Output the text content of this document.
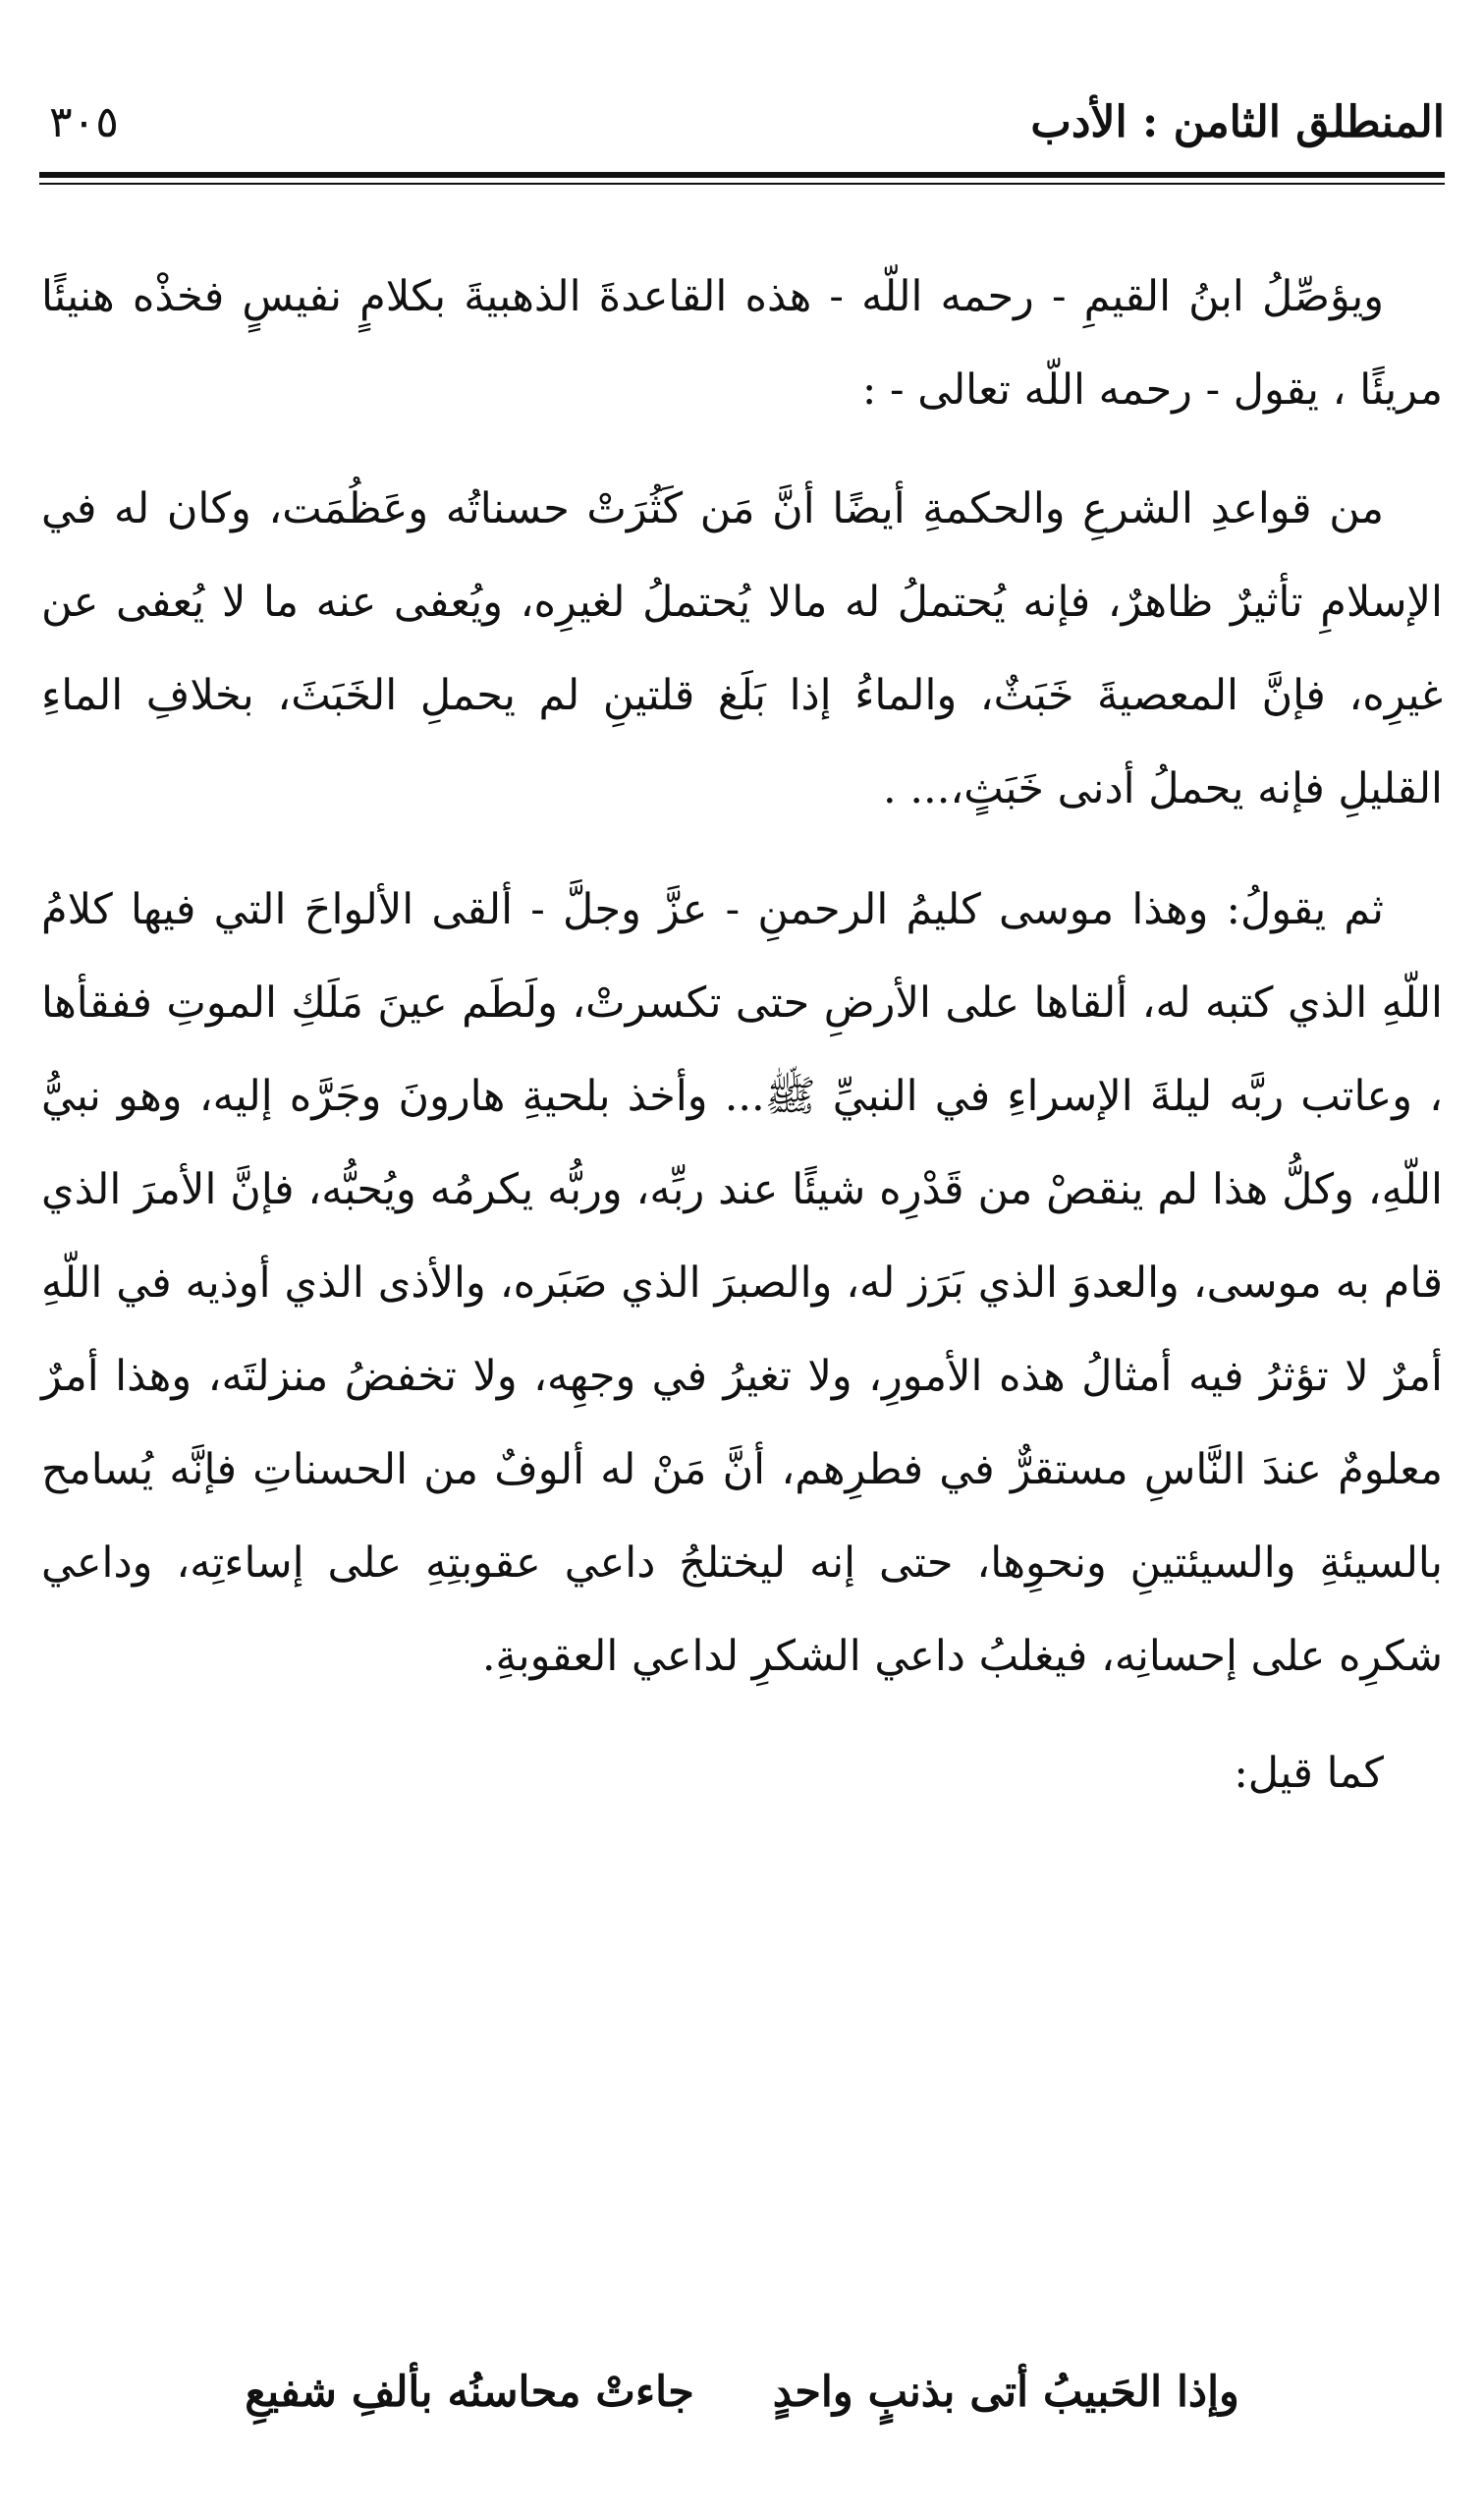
المنطلق الثامن : الأدب
٣٠٥

ويؤصِّلُ ابنُ القيمِ - رحمه اللّه - هذه القاعدةَ الذهبيةَ بكلامٍ نفيسٍ فخذْه هنيئًا مريئًا ، يقول - رحمه اللّه تعالى - :

من قواعدِ الشرعِ والحكمةِ أيضًا أنَّ مَن كَثُرَتْ حسناتُه وعَظُمَت، وكان له في الإسلامِ تأثيرٌ ظاهرٌ، فإنه يُحتملُ له مالا يُحتملُ لغيرِه، ويُعفى عنه ما لا يُعفى عن غيرِه، فإنَّ المعصيةَ خَبَثٌ، والماءُ إذا بَلَغ قلتينِ لم يحملِ الخَبَثَ، بخلافِ الماءِ القليلِ فإنه يحملُ أدنى خَبَثٍ،... .

ثم يقولُ: وهذا موسى كليمُ الرحمنِ - عزَّ وجلَّ - ألقى الألواحَ التي فيها كلامُ اللّهِ الذي كتبه له، ألقاها على الأرضِ حتى تكسرتْ، ولَطَم عينَ مَلَكِ الموتِ ففقأها ، وعاتب ربَّه ليلةَ الإسراءِ في النبيِّ ﷺ... وأخذ بلحيةِ هارونَ وجَرَّه إليه، وهو نبيُّ اللّهِ، وكلُّ هذا لم ينقصْ من قَدْرِه شيئًا عند ربِّه، وربُّه يكرمُه ويُحبُّه، فإنَّ الأمرَ الذي قام به موسى، والعدوَ الذي بَرَز له، والصبرَ الذي صَبَره، والأذى الذي أوذيه في اللّهِ أمرٌ لا تؤثرُ فيه أمثالُ هذه الأمورِ، ولا تغيرُ في وجهِه، ولا تخفضُ منزلتَه، وهذا أمرٌ معلومٌ عندَ النَّاسِ مستقرٌّ في فطرِهم، أنَّ مَنْ له ألوفٌ من الحسناتِ فإنَّه يُسامح بالسيئةِ والسيئتينِ ونحوِها، حتى إنه ليختلجُ داعي عقوبتِهِ على إساءتِه، وداعي شكرِه على إحسانِه، فيغلبُ داعي الشكرِ لداعي العقوبةِ.

كما قيل:

وإذا الحَبيبُ أتى بذنبٍ واحدٍ
جاءتْ محاسنُه بألفِ شفيعِ
